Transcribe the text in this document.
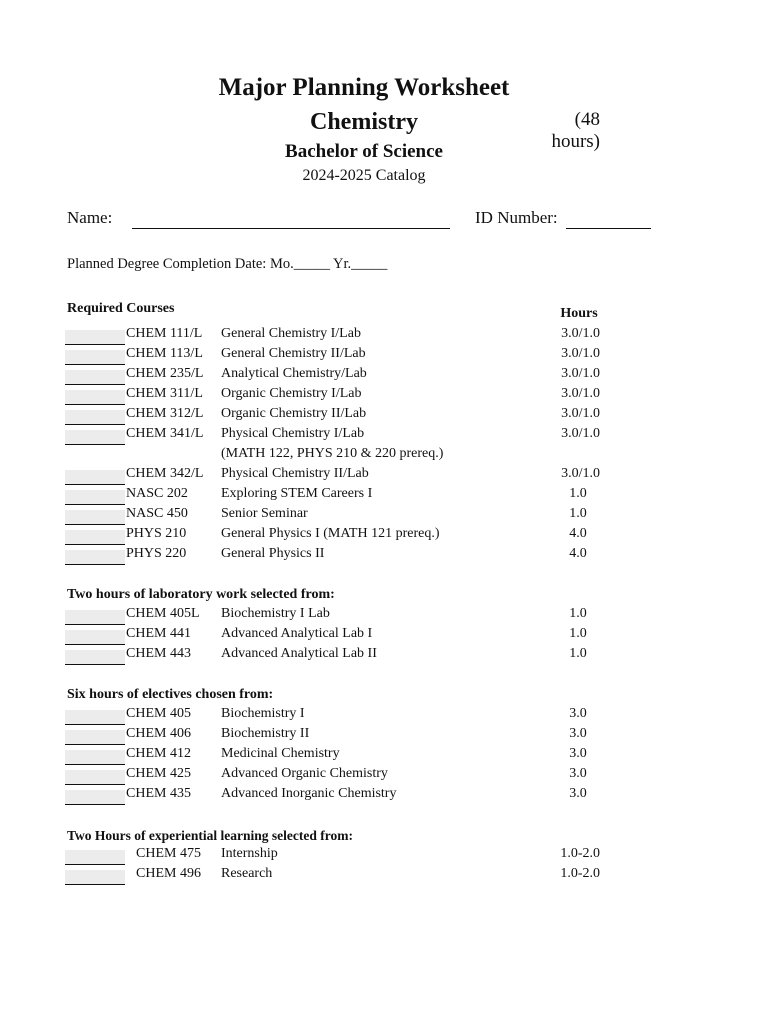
Major Planning Worksheet
Chemistry	(48 hours)
Bachelor of Science
2024-2025 Catalog
Name:	ID Number:
Planned Degree Completion Date: Mo._____ Yr._____
Required Courses	Hours
CHEM 111/L General Chemistry I/Lab	3.0/1.0
CHEM 113/L General Chemistry II/Lab	3.0/1.0
CHEM 235/L Analytical Chemistry/Lab	3.0/1.0
CHEM 311/L Organic Chemistry I/Lab	3.0/1.0
CHEM 312/L Organic Chemistry II/Lab	3.0/1.0
CHEM 341/L Physical Chemistry I/Lab	3.0/1.0
(MATH 122, PHYS 210 & 220 prereq.)
CHEM 342/L Physical Chemistry II/Lab	3.0/1.0
NASC 202 Exploring STEM Careers I	1.0
NASC 450 Senior Seminar	1.0
PHYS 210 General Physics I (MATH 121 prereq.)	4.0
PHYS 220 General Physics II	4.0
Two hours of laboratory work selected from:
CHEM 405L Biochemistry I Lab	1.0
CHEM 441 Advanced Analytical Lab I	1.0
CHEM 443 Advanced Analytical Lab II	1.0
Six hours of electives chosen from:
CHEM 405 Biochemistry I	3.0
CHEM 406 Biochemistry II	3.0
CHEM 412 Medicinal Chemistry	3.0
CHEM 425 Advanced Organic Chemistry	3.0
CHEM 435 Advanced Inorganic Chemistry	3.0
Two Hours of experiential learning selected from:
CHEM 475 Internship	1.0-2.0
CHEM 496 Research	1.0-2.0
